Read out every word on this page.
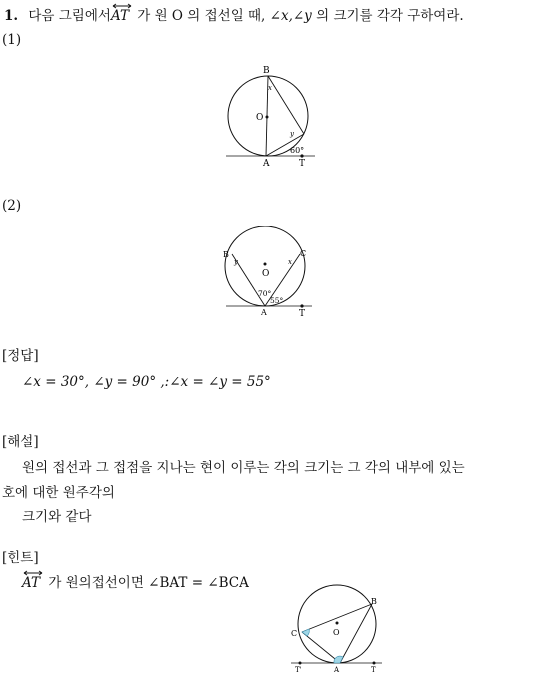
1. 다음 그림에서
AT 가 원 O 의 접선일 때, ∠x,∠y 의 크기를 각각 구하여라.
(1)
B
O
A	T
x
y
60°
(2)
B	C
O
A	T
y	x
70°
55°
[정답]
∠x = 30°, ∠y = 90° ,:∠x = ∠y = 55°
[해설]
원의 접선과 그 접점을 지나는 현이 이루는 각의 크기는 그 각의 내부에 있는
호에 대한 원주각의
크기와 같다
[힌트]
AT 가 원의접선이면 ∠BAT = ∠BCA
B
C	O
A
T'	T
